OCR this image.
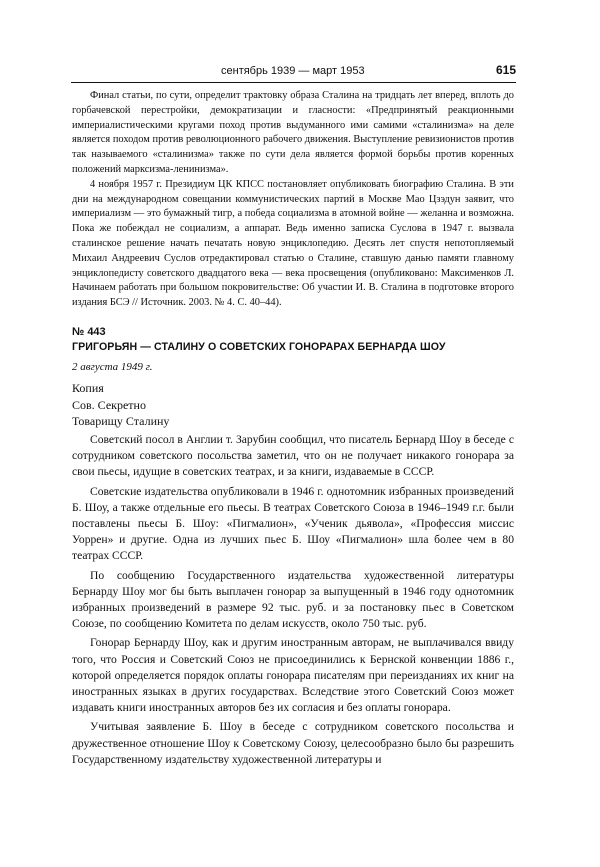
сентябрь 1939 — март 1953	615

Финал статьи, по сути, определит трактовку образа Сталина на тридцать лет вперед, вплоть до горбачевской перестройки, демократизации и гласности: «Предпринятый реакционными империалистическими кругами поход против выдуманного ими самими «сталинизма» на деле является походом против революционного рабочего движения. Выступление ревизионистов против так называемого «сталинизма» также по сути дела является формой борьбы против коренных положений марксизма-ленинизма».

4 ноября 1957 г. Президиум ЦК КПСС постановляет опубликовать биографию Сталина. В эти дни на международном совещании коммунистических партий в Москве Мао Цзэдун заявит, что империализм — это бумажный тигр, а победа социализма в атомной войне — желанна и возможна. Пока же побеждал не социализм, а аппарат. Ведь именно записка Суслова в 1947 г. вызвала сталинское решение начать печатать новую энциклопедию. Десять лет спустя непотопляемый Михаил Андреевич Суслов отредактировал статью о Сталине, ставшую данью памяти главному энциклопедисту советского двадцатого века — века просвещения (опубликовано: Максименков Л. Начинаем работать при большом покровительстве: Об участии И. В. Сталина в подготовке второго издания БСЭ // Источник. 2003. № 4. С. 40–44).

№ 443
ГРИГОРЬЯН — СТАЛИНУ О СОВЕТСКИХ ГОНОРАРАХ БЕРНАРДА ШОУ
2 августа 1949 г.
Копия
Сов. Секретно
Товарищу Сталину

Советский посол в Англии т. Зарубин сообщил, что писатель Бернард Шоу в беседе с сотрудником советского посольства заметил, что он не получает никакого гонорара за свои пьесы, идущие в советских театрах, и за книги, издаваемые в СССР.

Советские издательства опубликовали в 1946 г. однотомник избранных произведений Б. Шоу, а также отдельные его пьесы. В театрах Советского Союза в 1946–1949 г.г. были поставлены пьесы Б. Шоу: «Пигмалион», «Ученик дьявола», «Профессия миссис Уоррен» и другие. Одна из лучших пьес Б. Шоу «Пигмалион» шла более чем в 80 театрах СССР.

По сообщению Государственного издательства художественной литературы Бернарду Шоу мог бы быть выплачен гонорар за выпущенный в 1946 году однотомник избранных произведений в размере 92 тыс. руб. и за постановку пьес в Советском Союзе, по сообщению Комитета по делам искусств, около 750 тыс. руб.

Гонорар Бернарду Шоу, как и другим иностранным авторам, не выплачивался ввиду того, что Россия и Советский Союз не присоединились к Бернской конвенции 1886 г., которой определяется порядок оплаты гонорара писателям при переизданиях их книг на иностранных языках в других государствах. Вследствие этого Советский Союз может издавать книги иностранных авторов без их согласия и без оплаты гонорара.

Учитывая заявление Б. Шоу в беседе с сотрудником советского посольства и дружественное отношение Шоу к Советскому Союзу, целесообразно было бы разрешить Государственному издательству художественной литературы и
